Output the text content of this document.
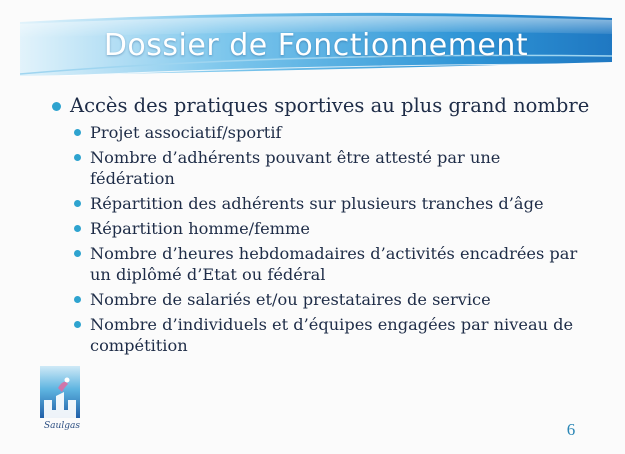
Dossier de Fonctionnement
Accès des pratiques sportives au plus grand nombre
Projet associatif/sportif
Nombre d’adhérents pouvant être attesté par une fédération
Répartition des adhérents sur plusieurs tranches d’âge
Répartition homme/femme
Nombre d’heures hebdomadaires d’activités encadrées par
un diplômé d’Etat ou fédéral
Nombre de salariés et/ou prestataires de service
Nombre d’individuels et d’équipes engagées par niveau de
compétition
Saulgas	6
